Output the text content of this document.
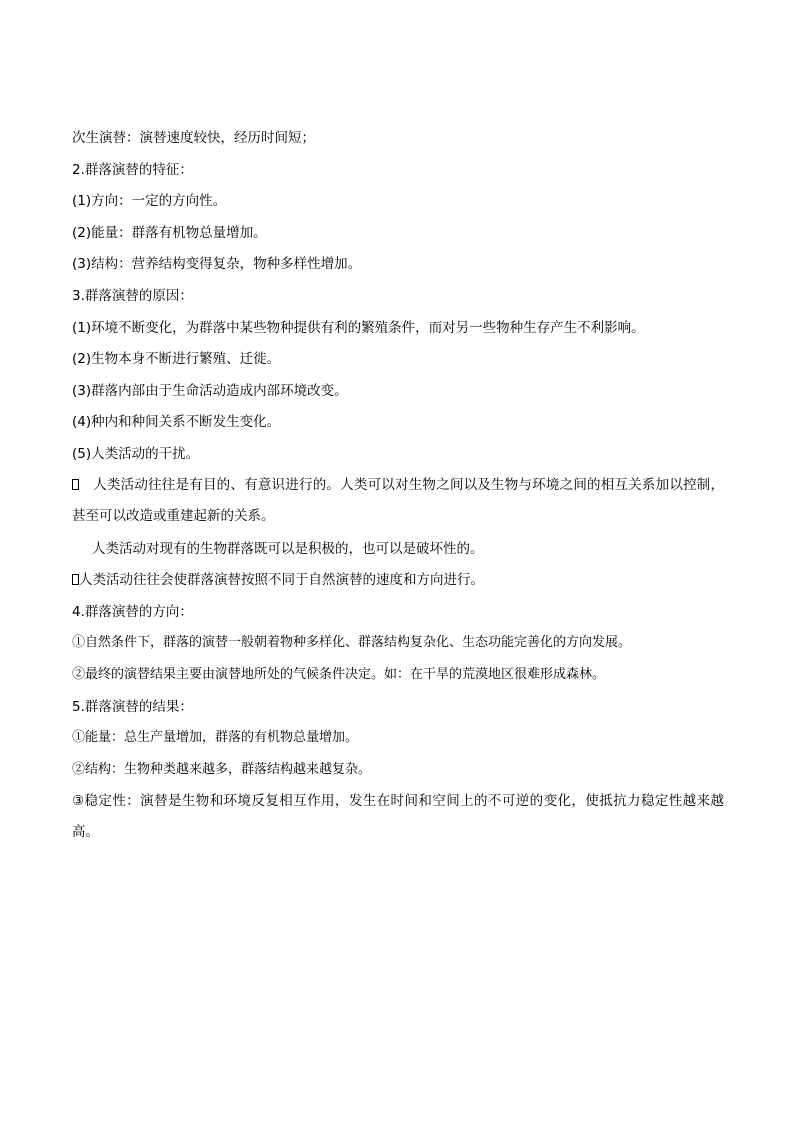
次生演替：演替速度较快，经历时间短；

2.群落演替的特征：

(1)方向：一定的方向性。

(2)能量：群落有机物总量增加。

(3)结构：营养结构变得复杂，物种多样性增加。

3.群落演替的原因：

(1)环境不断变化，为群落中某些物种提供有利的繁殖条件，而对另一些物种生存产生不利影响。

(2)生物本身不断进行繁殖、迁徙。

(3)群落内部由于生命活动造成内部环境改变。

(4)种内和种间关系不断发生变化。

(5)人类活动的干扰。

人类活动往往是有目的、有意识进行的。人类可以对生物之间以及生物与环境之间的相互关系加以控制，甚至可以改造或重建起新的关系。

人类活动对现有的生物群落既可以是积极的，也可以是破坏性的。

人类活动往往会使群落演替按照不同于自然演替的速度和方向进行。

4.群落演替的方向：

①自然条件下，群落的演替一般朝着物种多样化、群落结构复杂化、生态功能完善化的方向发展。

②最终的演替结果主要由演替地所处的气候条件决定。如：在干旱的荒漠地区很难形成森林。

5.群落演替的结果：

①能量：总生产量增加，群落的有机物总量增加。

②结构：生物种类越来越多，群落结构越来越复杂。

③稳定性：演替是生物和环境反复相互作用，发生在时间和空间上的不可逆的变化，使抵抗力稳定性越来越高。
